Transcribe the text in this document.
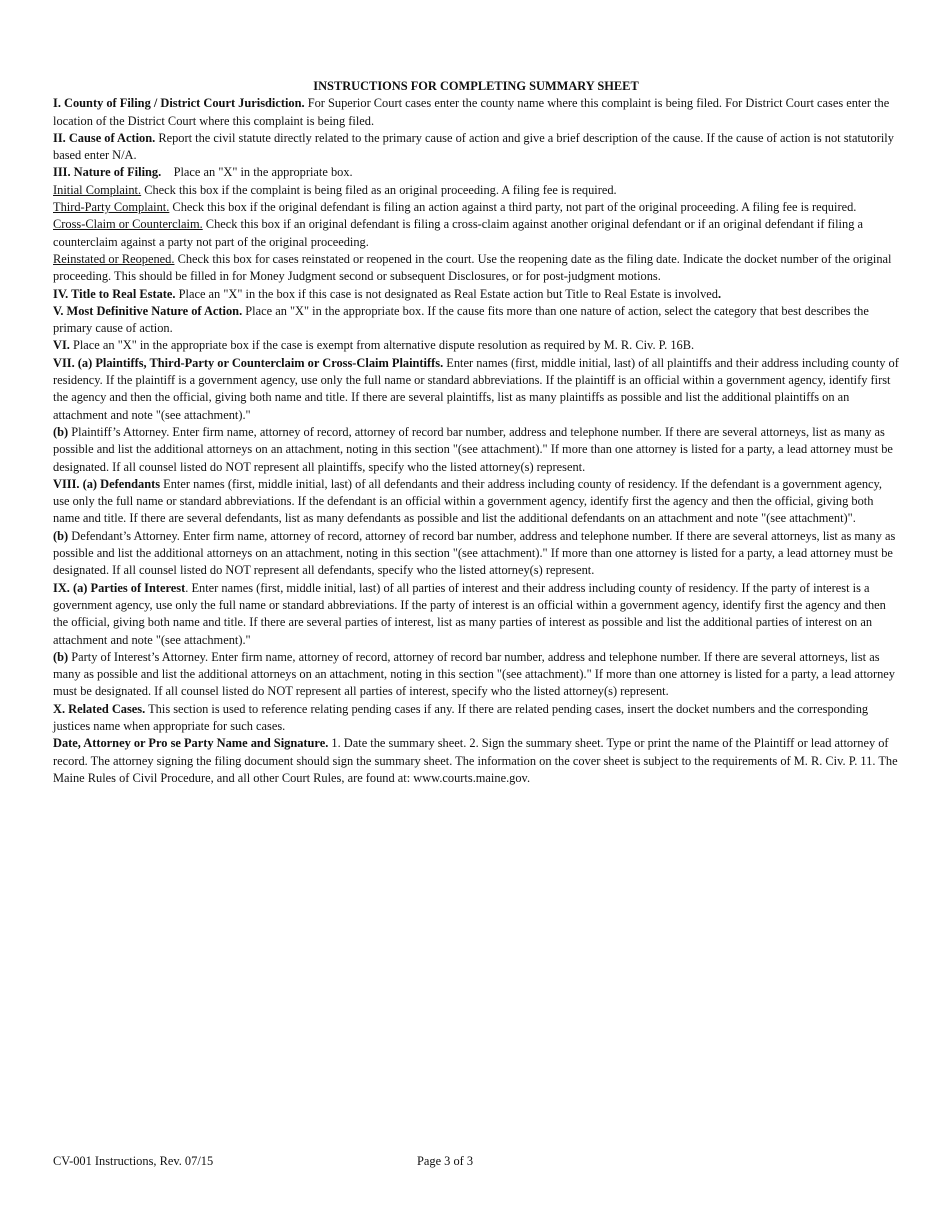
INSTRUCTIONS FOR COMPLETING SUMMARY SHEET

I. County of Filing / District Court Jurisdiction. For Superior Court cases enter the county name where this complaint is being filed. For District Court cases enter the location of the District Court where this complaint is being filed.

II. Cause of Action. Report the civil statute directly related to the primary cause of action and give a brief description of the cause. If the cause of action is not statutorily based enter N/A.

III. Nature of Filing.    Place an "X" in the appropriate box.

Initial Complaint. Check this box if the complaint is being filed as an original proceeding. A filing fee is required.

Third-Party Complaint. Check this box if the original defendant is filing an action against a third party, not part of the original proceeding. A filing fee is required.

Cross-Claim or Counterclaim. Check this box if an original defendant is filing a cross-claim against another original defendant or if an original defendant if filing a counterclaim against a party not part of the original proceeding.

Reinstated or Reopened. Check this box for cases reinstated or reopened in the court. Use the reopening date as the filing date. Indicate the docket number of the original proceeding. This should be filled in for Money Judgment second or subsequent Disclosures, or for post-judgment motions.

IV. Title to Real Estate. Place an "X" in the box if this case is not designated as Real Estate action but Title to Real Estate is involved.

V. Most Definitive Nature of Action. Place an "X" in the appropriate box. If the cause fits more than one nature of action, select the category that best describes the primary cause of action.

VI. Place an "X" in the appropriate box if the case is exempt from alternative dispute resolution as required by M. R. Civ. P. 16B.

VII. (a) Plaintiffs, Third-Party or Counterclaim or Cross-Claim Plaintiffs. Enter names (first, middle initial, last) of all plaintiffs and their address including county of residency. If the plaintiff is a government agency, use only the full name or standard abbreviations. If the plaintiff is an official within a government agency, identify first the agency and then the official, giving both name and title. If there are several plaintiffs, list as many plaintiffs as possible and list the additional plaintiffs on an attachment and note "(see attachment)."

(b) Plaintiff’s Attorney. Enter firm name, attorney of record, attorney of record bar number, address and telephone number. If there are several attorneys, list as many as possible and list the additional attorneys on an attachment, noting in this section "(see attachment)." If more than one attorney is listed for a party, a lead attorney must be designated. If all counsel listed do NOT represent all plaintiffs, specify who the listed attorney(s) represent.

VIII. (a) Defendants Enter names (first, middle initial, last) of all defendants and their address including county of residency. If the defendant is a government agency, use only the full name or standard abbreviations. If the defendant is an official within a government agency, identify first the agency and then the official, giving both name and title. If there are several defendants, list as many defendants as possible and list the additional defendants on an attachment and note "(see attachment)".

(b) Defendant’s Attorney. Enter firm name, attorney of record, attorney of record bar number, address and telephone number. If there are several attorneys, list as many as possible and list the additional attorneys on an attachment, noting in this section "(see attachment)." If more than one attorney is listed for a party, a lead attorney must be designated. If all counsel listed do NOT represent all defendants, specify who the listed attorney(s) represent.

IX. (a) Parties of Interest. Enter names (first, middle initial, last) of all parties of interest and their address including county of residency. If the party of interest is a government agency, use only the full name or standard abbreviations. If the party of interest is an official within a government agency, identify first the agency and then the official, giving both name and title. If there are several parties of interest, list as many parties of interest as possible and list the additional parties of interest on an attachment and note "(see attachment)."

(b) Party of Interest’s Attorney. Enter firm name, attorney of record, attorney of record bar number, address and telephone number. If there are several attorneys, list as many as possible and list the additional attorneys on an attachment, noting in this section "(see attachment)." If more than one attorney is listed for a party, a lead attorney must be designated. If all counsel listed do NOT represent all parties of interest, specify who the listed attorney(s) represent.

X. Related Cases. This section is used to reference relating pending cases if any. If there are related pending cases, insert the docket numbers and the corresponding justices name when appropriate for such cases.

Date, Attorney or Pro se Party Name and Signature. 1. Date the summary sheet. 2. Sign the summary sheet. Type or print the name of the Plaintiff or lead attorney of record. The attorney signing the filing document should sign the summary sheet. The information on the cover sheet is subject to the requirements of M. R. Civ. P. 11. The Maine Rules of Civil Procedure, and all other Court Rules, are found at: www.courts.maine.gov.

CV-001 Instructions, Rev. 07/15	Page 3 of 3
